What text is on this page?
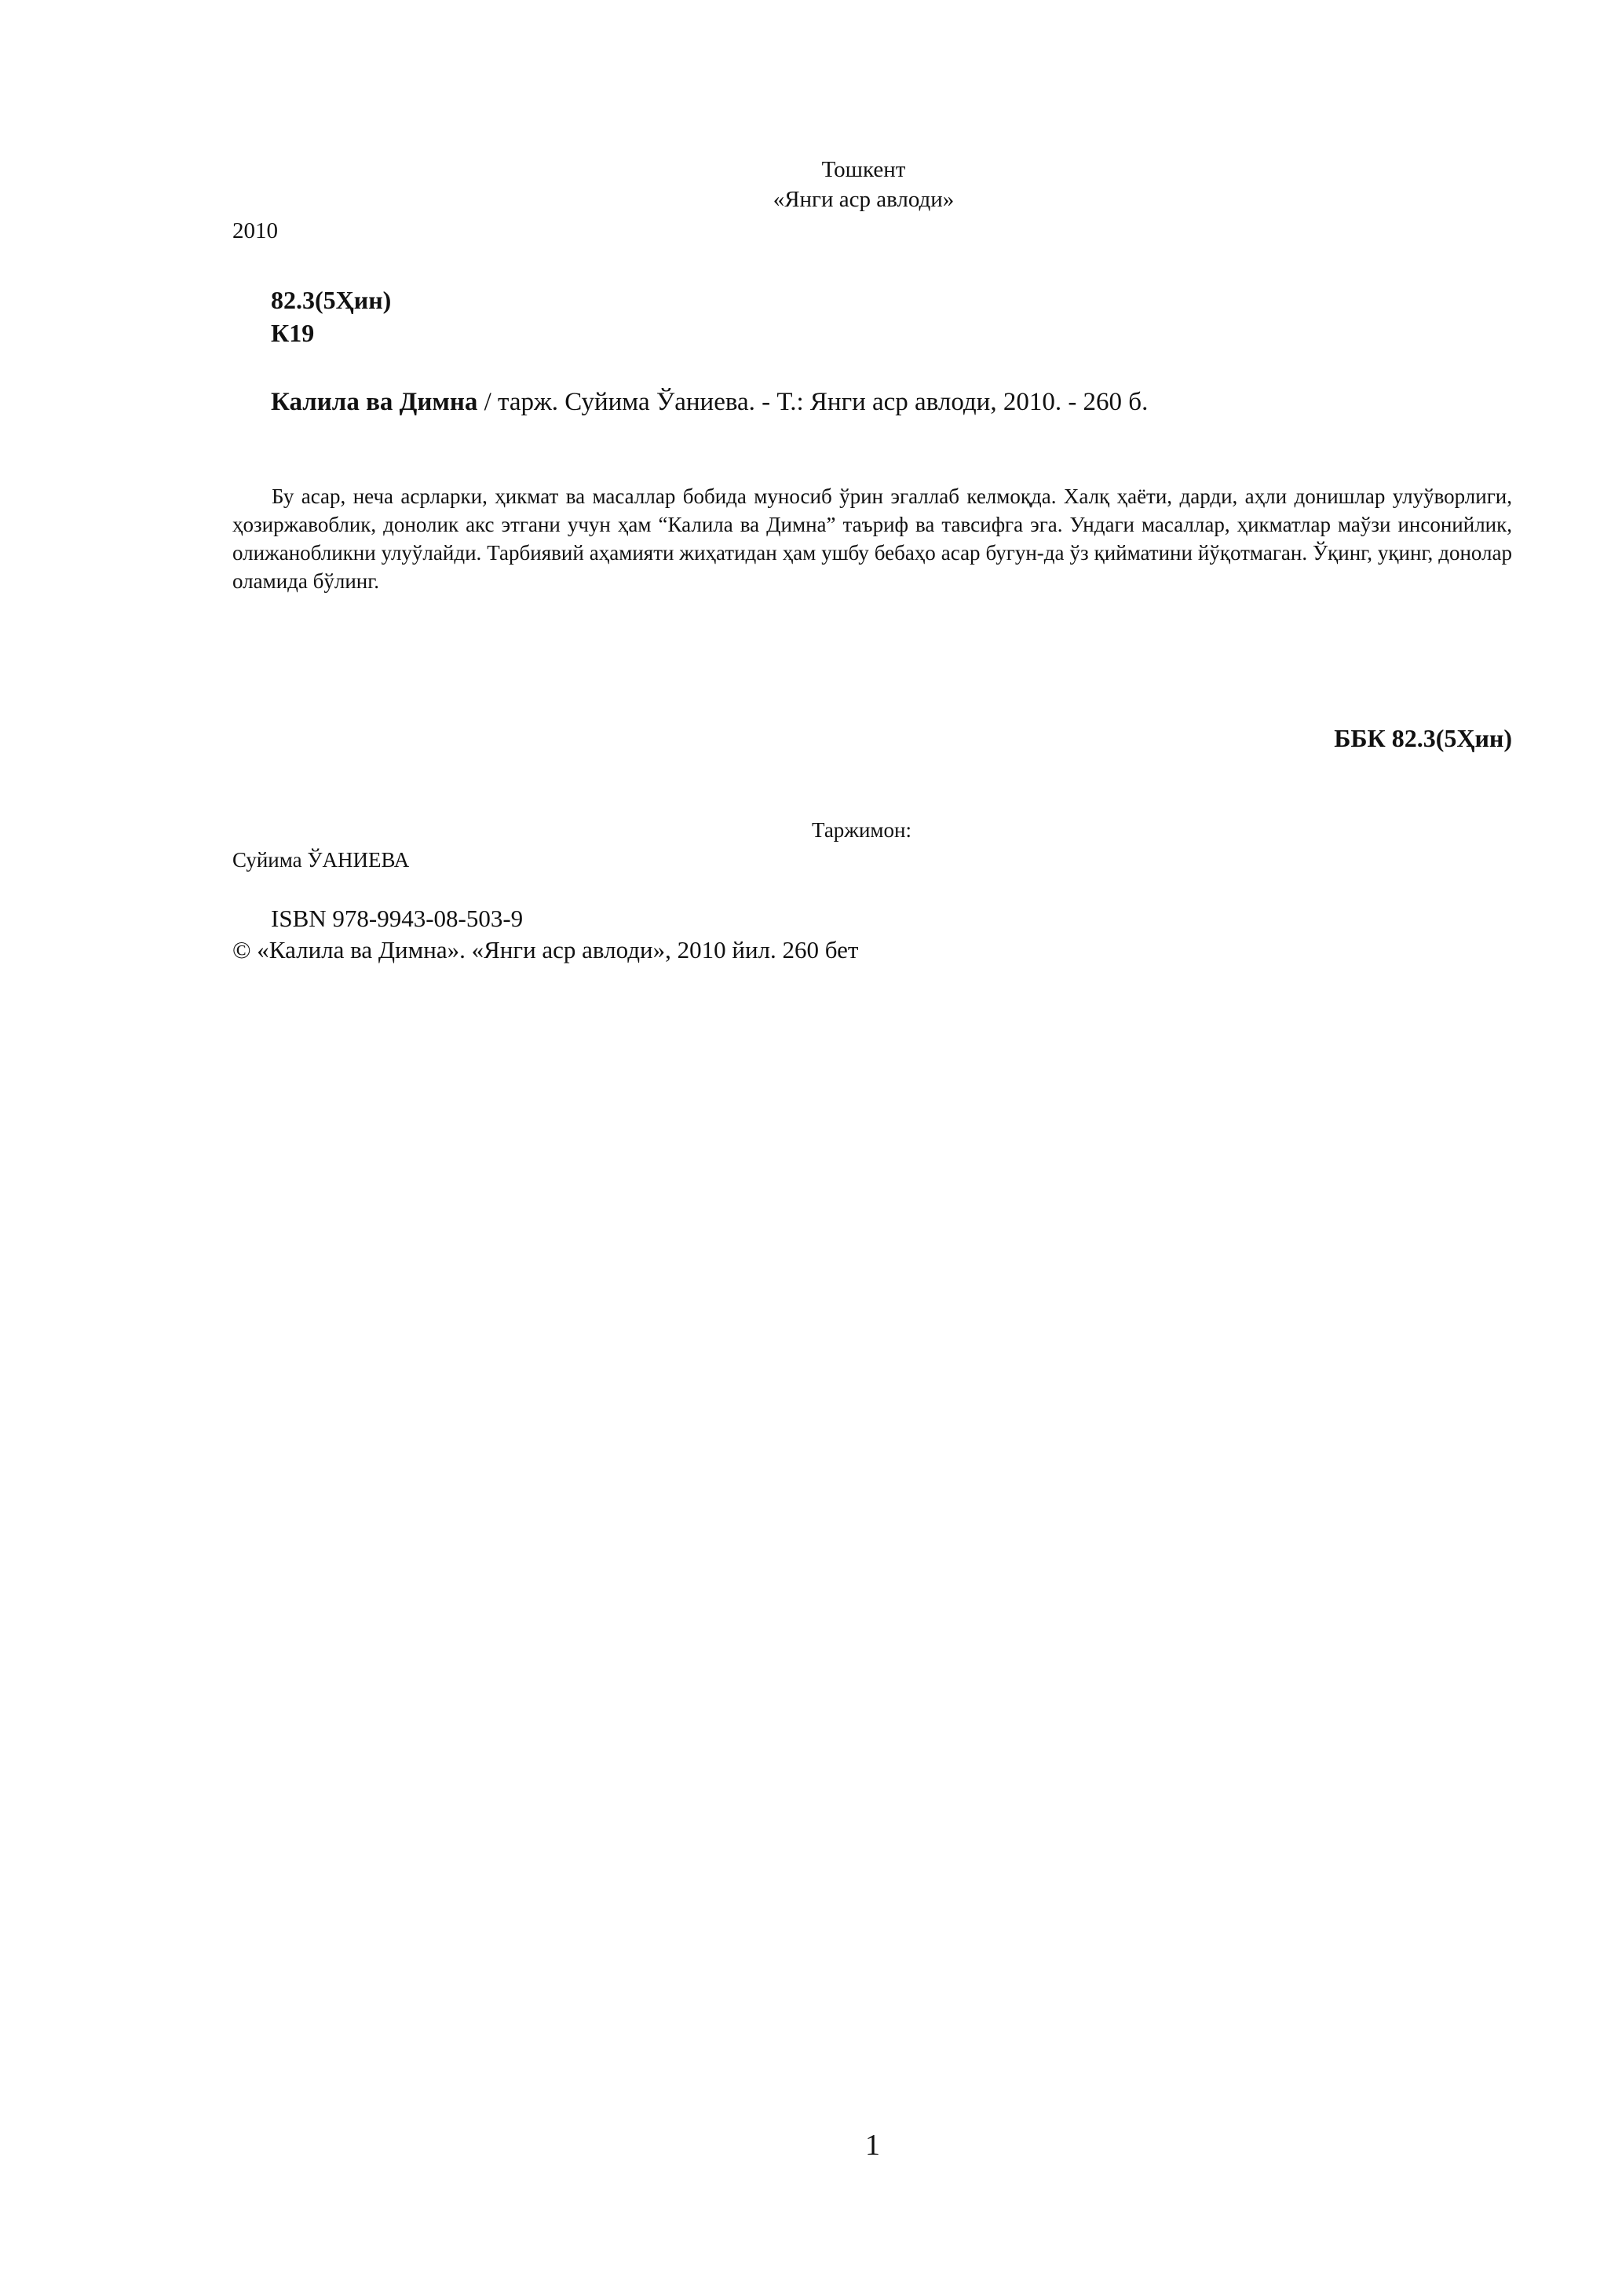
Тошкент
«Янги аср авлоди»
2010
82.3(5Ҳин)
К19
Калила ва Димна / тарж. Суйима Ўаниева. - Т.: Янги аср авлоди, 2010. - 260 б.

Бу асар, неча асрларки, ҳикмат ва масаллар бобида муносиб ўрин эгаллаб келмоқда. Халқ ҳаёти, дарди, аҳли донишлар улуўворлиги, ҳозиржавоблик, донолик акс этгани учун ҳам “Калила ва Димна” таъриф ва тавсифга эга. Ундаги масаллар, ҳикматлар маўзи инсонийлик, олижанобликни улуўлайди. Тарбиявий аҳамияти жиҳатидан ҳам ушбу бебаҳо асар бугун-да ўз қийматини йўқотмаган. Ўқинг, уқинг, донолар оламида бўлинг.

ББК 82.3(5Ҳин)
Таржимон:
Суйима ЎАНИЕВА
ISBN 978-9943-08-503-9
© «Калила ва Димна». «Янги аср авлоди», 2010 йил. 260 бет
1
